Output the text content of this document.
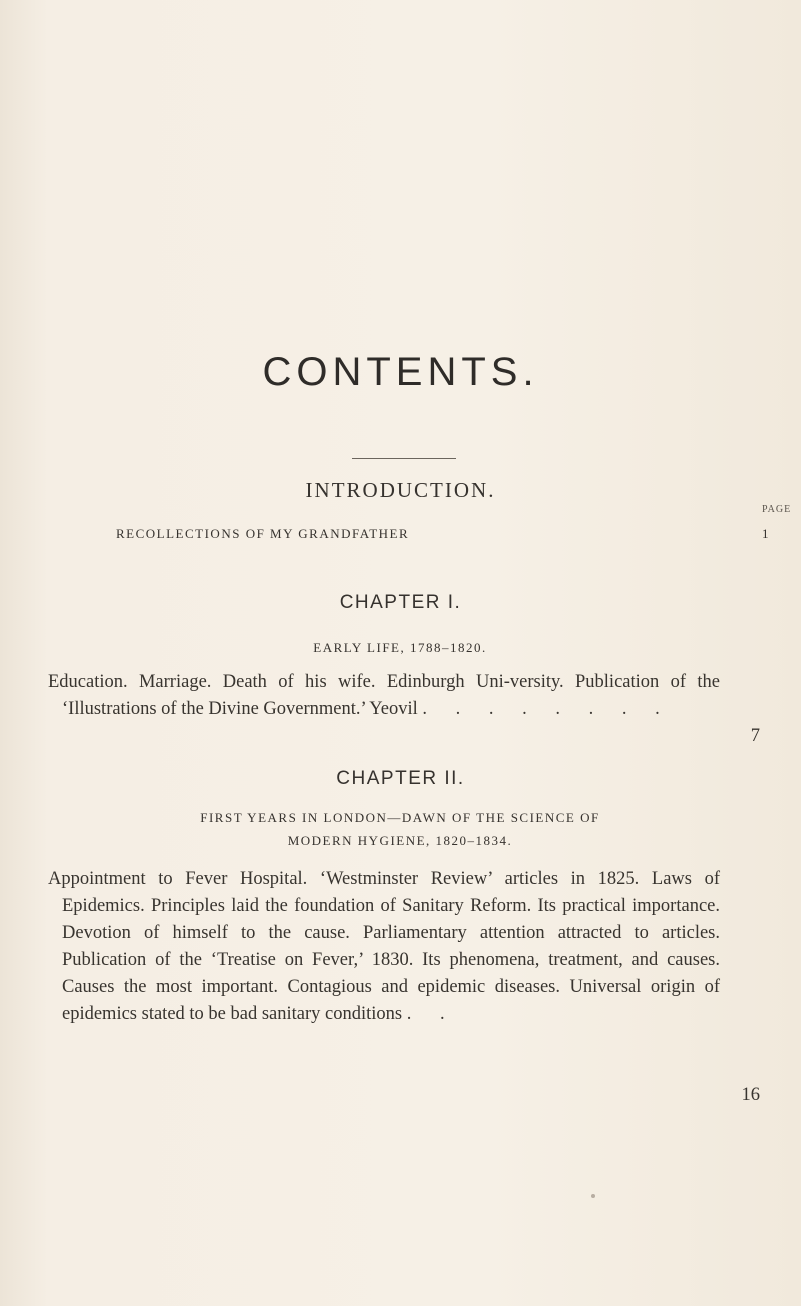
CONTENTS.
INTRODUCTION.
PAGE
RECOLLECTIONS OF MY GRANDFATHER	1
CHAPTER I.
EARLY LIFE, 1788–1820.
Education. Marriage. Death of his wife. Edinburgh Uni-versity. Publication of the ‘Illustrations of the Divine Government.’ Yeovil . . . . . . . .
7
CHAPTER II.
FIRST YEARS IN LONDON—DAWN OF THE SCIENCE OF
MODERN HYGIENE, 1820–1834.
Appointment to Fever Hospital. ‘Westminster Review’ articles in 1825. Laws of Epidemics. Principles laid the foundation of Sanitary Reform. Its practical importance. Devotion of himself to the cause. Parliamentary attention attracted to articles. Publication of the ‘Treatise on Fever,’ 1830. Its phenomena, treatment, and causes. Causes the most important. Contagious and epidemic diseases. Universal origin of epidemics stated to be bad sanitary conditions . .
16
